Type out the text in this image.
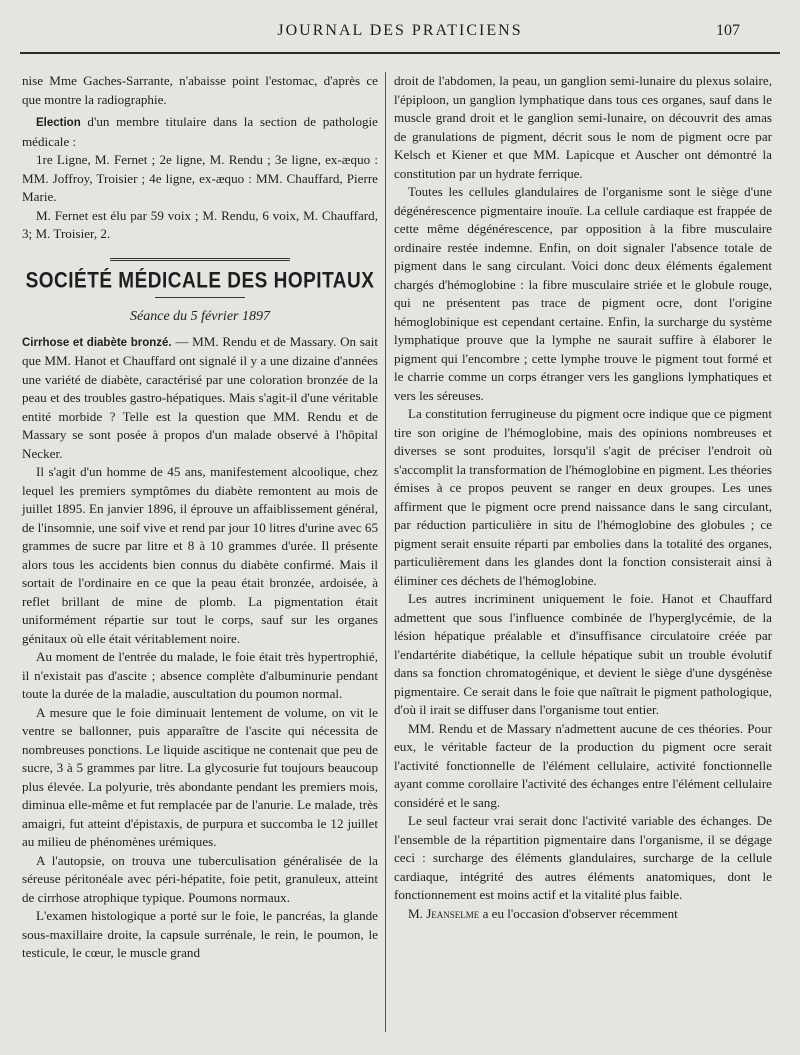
JOURNAL DES PRATICIENS	107

nise Mme Gaches-Sarrante, n'abaisse point l'estomac, d'après ce que montre la radiographie.

Election d'un membre titulaire dans la section de pathologie médicale :

1re Ligne, M. Fernet ; 2e ligne, M. Rendu ; 3e ligne, ex-æquo : MM. Joffroy, Troisier ; 4e ligne, ex-æquo : MM. Chauffard, Pierre Marie.

M. Fernet est élu par 59 voix ; M. Rendu, 6 voix, M. Chauffard, 3; M. Troisier, 2.

SOCIÉTÉ MÉDICALE DES HOPITAUX
Séance du 5 février 1897

Cirrhose et diabète bronzé. — MM. Rendu et de Massary. On sait que MM. Hanot et Chauffard ont signalé il y a une dizaine d'années une variété de diabète, caractérisé par une coloration bronzée de la peau et des troubles gastro-hépatiques. Mais s'agit-il d'une véritable entité morbide ? Telle est la question que MM. Rendu et de Massary se sont posée à propos d'un malade observé à l'hôpital Necker.

Il s'agit d'un homme de 45 ans, manifestement alcoolique, chez lequel les premiers symptômes du diabète remontent au mois de juillet 1895. En janvier 1896, il éprouve un affaiblissement général, de l'insomnie, une soif vive et rend par jour 10 litres d'urine avec 65 grammes de sucre par litre et 8 à 10 grammes d'urée. Il présente alors tous les accidents bien connus du diabète confirmé. Mais il sortait de l'ordinaire en ce que la peau était bronzée, ardoisée, à reflet brillant de mine de plomb. La pigmentation était uniformément répartie sur tout le corps, sauf sur les organes génitaux où elle était véritablement noire.

Au moment de l'entrée du malade, le foie était très hypertrophié, il n'existait pas d'ascite ; absence complète d'albuminurie pendant toute la durée de la maladie, auscultation du poumon normal.

A mesure que le foie diminuait lentement de volume, on vit le ventre se ballonner, puis apparaître de l'ascite qui nécessita de nombreuses ponctions. Le liquide ascitique ne contenait que peu de sucre, 3 à 5 grammes par litre. La glycosurie fut toujours beaucoup plus élevée. La polyurie, très abondante pendant les premiers mois, diminua elle-même et fut remplacée par de l'anurie. Le malade, très amaigri, fut atteint d'épistaxis, de purpura et succomba le 12 juillet au milieu de phénomènes urémiques.

A l'autopsie, on trouva une tuberculisation généralisée de la séreuse péritonéale avec péri-hépatite, foie petit, granuleux, atteint de cirrhose atrophique typique. Poumons normaux.

L'examen histologique a porté sur le foie, le pancréas, la glande sous-maxillaire droite, la capsule surrénale, le rein, le poumon, le testicule, le cœur, le muscle grand

droit de l'abdomen, la peau, un ganglion semi-lunaire du plexus solaire, l'épiploon, un ganglion lymphatique dans tous ces organes, sauf dans le muscle grand droit et le ganglion semi-lunaire, on découvrit des amas de granulations de pigment, décrit sous le nom de pigment ocre par Kelsch et Kiener et que MM. Lapicque et Auscher ont démontré la constitution par un hydrate ferrique.

Toutes les cellules glandulaires de l'organisme sont le siège d'une dégénérescence pigmentaire inouïe. La cellule cardiaque est frappée de cette même dégénérescence, par opposition à la fibre musculaire ordinaire restée indemne. Enfin, on doit signaler l'absence totale de pigment dans le sang circulant. Voici donc deux éléments également chargés d'hémoglobine : la fibre musculaire striée et le globule rouge, qui ne présentent pas trace de pigment ocre, dont l'origine hémoglobinique est cependant certaine. Enfin, la surcharge du système lymphatique prouve que la lymphe ne saurait suffire à élaborer le pigment qui l'encombre ; cette lymphe trouve le pigment tout formé et le charrie comme un corps étranger vers les ganglions lymphatiques et vers les séreuses.

La constitution ferrugineuse du pigment ocre indique que ce pigment tire son origine de l'hémoglobine, mais des opinions nombreuses et diverses se sont produites, lorsqu'il s'agit de préciser l'endroit où s'accomplit la transformation de l'hémoglobine en pigment. Les théories émises à ce propos peuvent se ranger en deux groupes. Les unes affirment que le pigment ocre prend naissance dans le sang circulant, par réduction particulière in situ de l'hémoglobine des globules ; ce pigment serait ensuite réparti par embolies dans la totalité des organes, particulièrement dans les glandes dont la fonction consisterait ainsi à éliminer ces déchets de l'hémoglobine.

Les autres incriminent uniquement le foie. Hanot et Chauffard admettent que sous l'influence combinée de l'hyperglycémie, de la lésion hépatique préalable et d'insuffisance circulatoire créée par l'endartérite diabétique, la cellule hépatique subit un trouble évolutif dans sa fonction chromatogénique, et devient le siège d'une dysgénèse pigmentaire. Ce serait dans le foie que naîtrait le pigment pathologique, d'où il irait se diffuser dans l'organisme tout entier.

MM. Rendu et de Massary n'admettent aucune de ces théories. Pour eux, le véritable facteur de la production du pigment ocre serait l'activité fonctionnelle de l'élément cellulaire, activité fonctionnelle ayant comme corollaire l'activité des échanges entre l'élément cellulaire considéré et le sang.

Le seul facteur vrai serait donc l'activité variable des échanges. De l'ensemble de la répartition pigmentaire dans l'organisme, il se dégage ceci : surcharge des éléments glandulaires, surcharge de la cellule cardiaque, intégrité des autres éléments anatomiques, dont le fonctionnement est moins actif et la vitalité plus faible.

M. Jeanselme a eu l'occasion d'observer récemment
